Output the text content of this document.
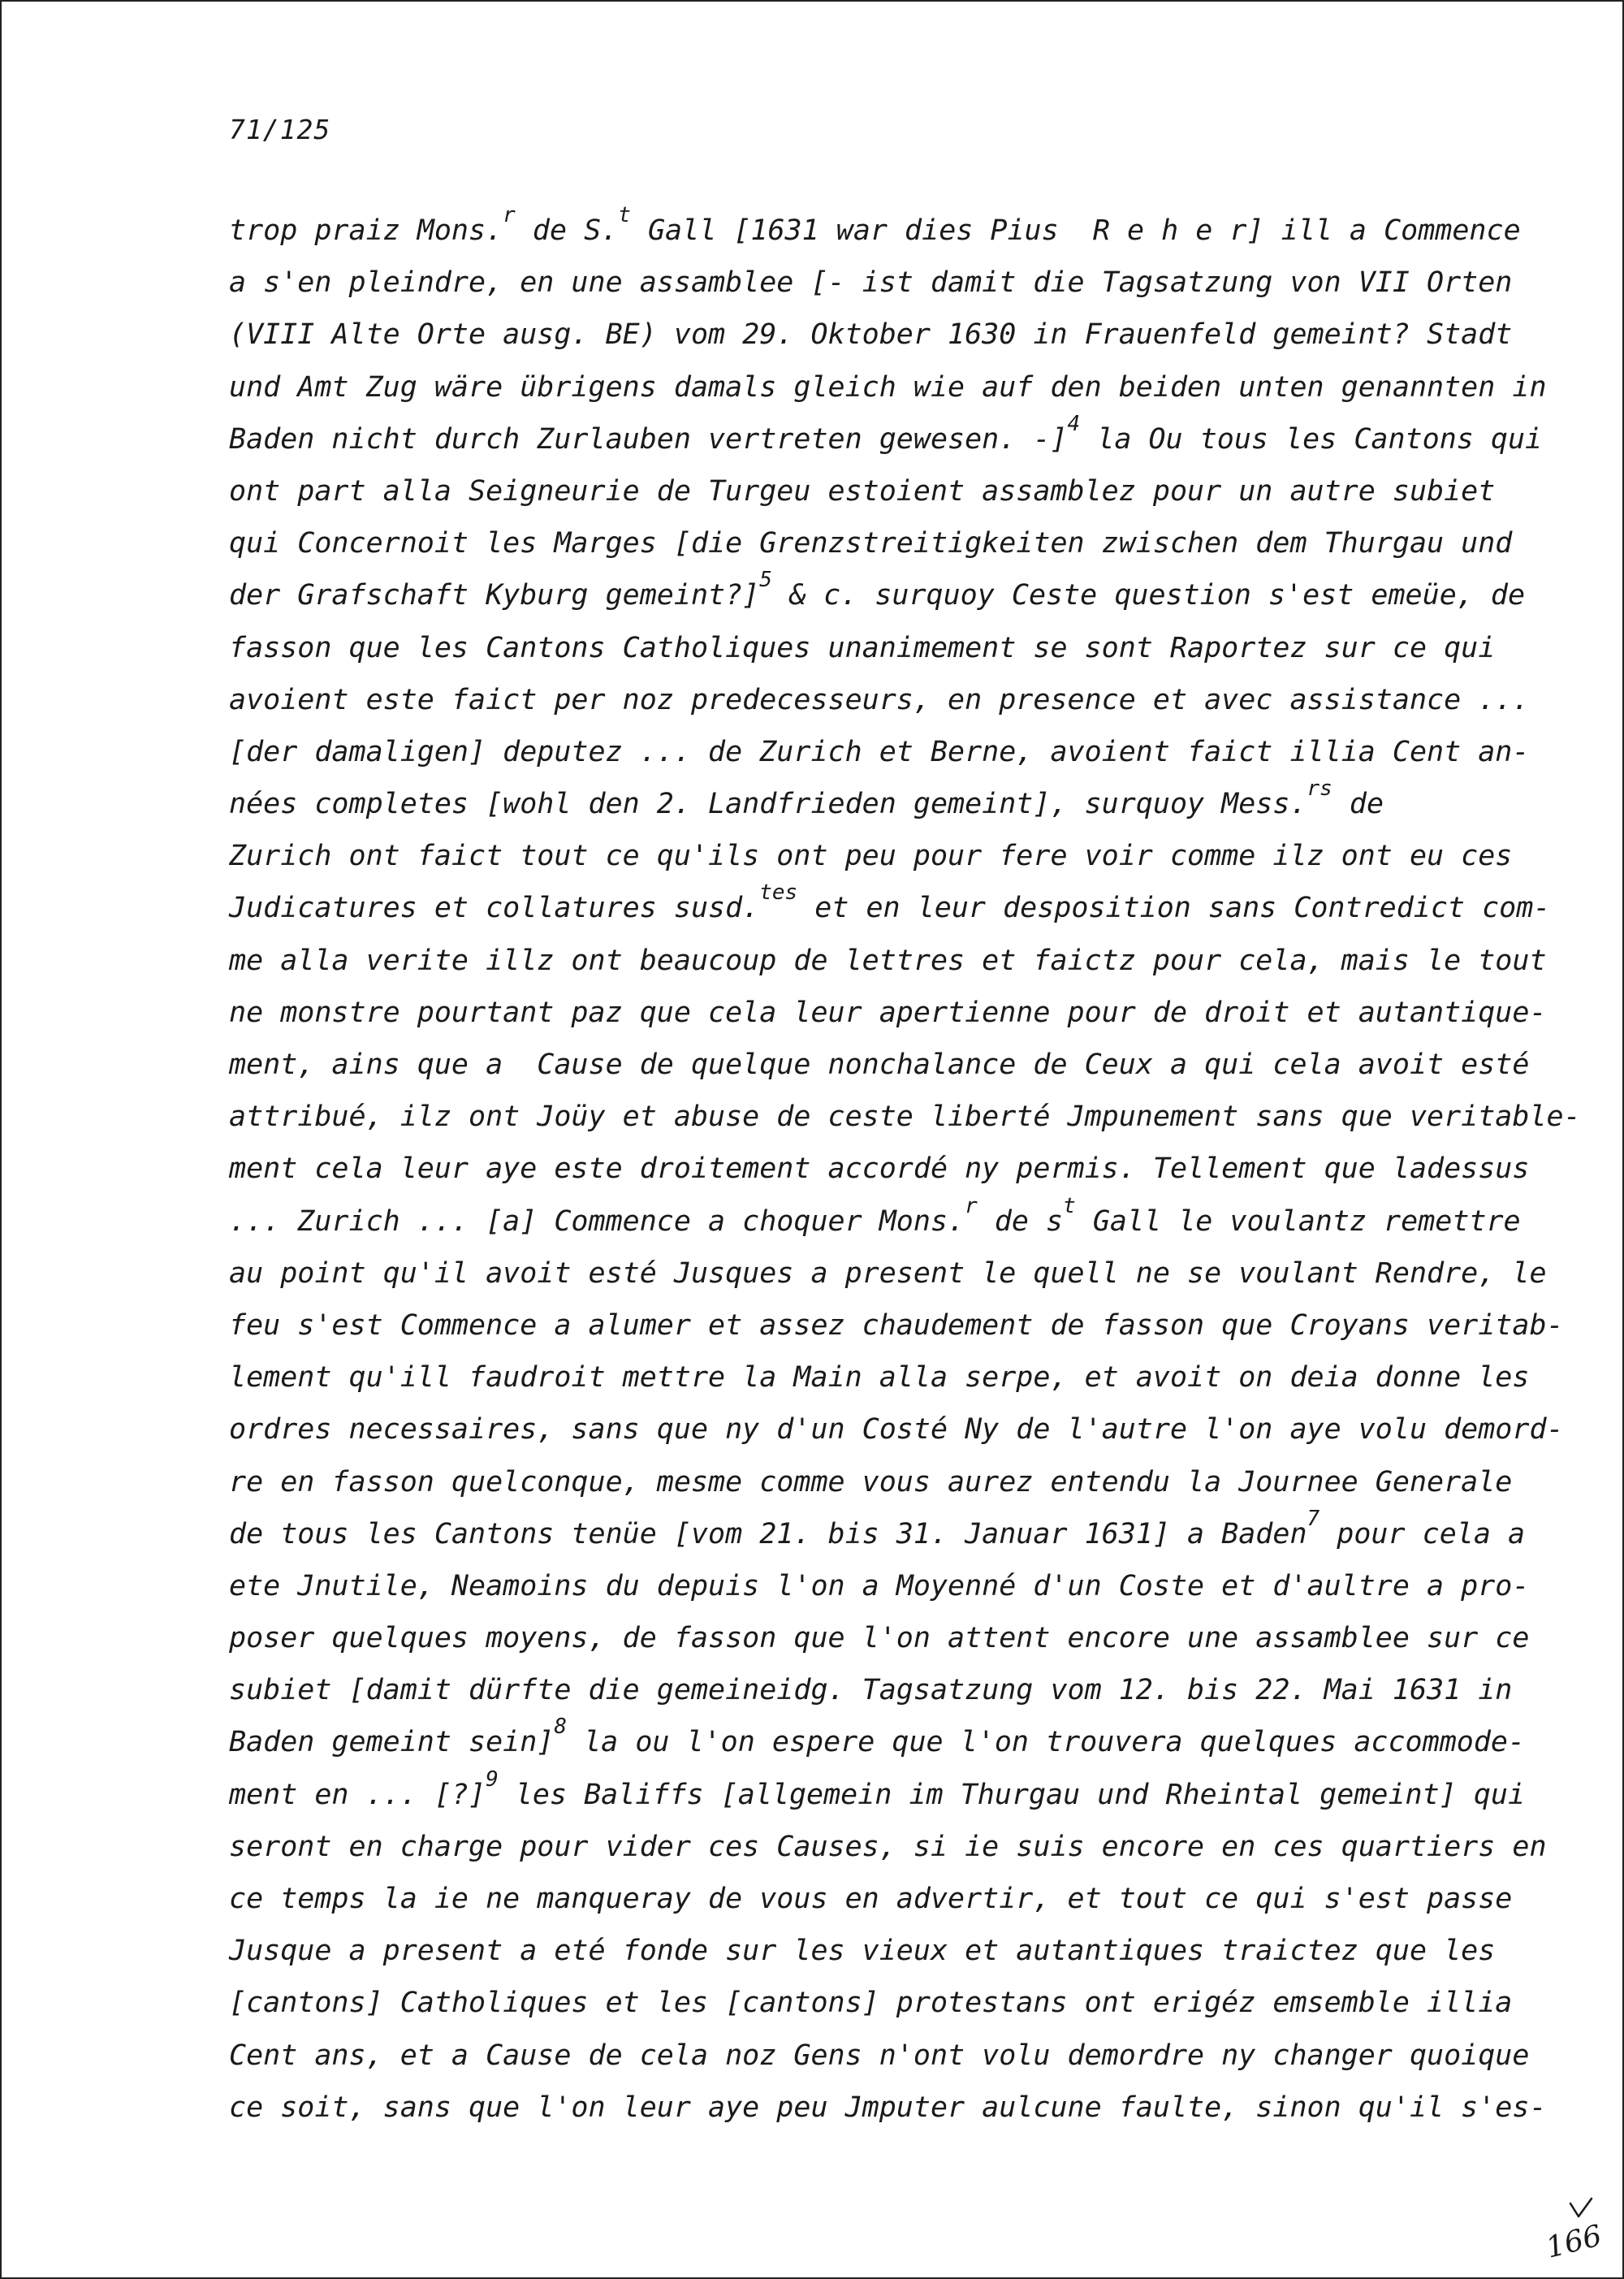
71/125
trop praiz Mons.$^r$ de S.$^t$ Gall [1631 war dies Pius  R e h e r] ill a Commence
a s'en pleindre, en une assamblee [- ist damit die Tagsatzung von VII Orten
(VIII Alte Orte ausg. BE) vom 29. Oktober 1630 in Frauenfeld gemeint? Stadt
und Amt Zug wäre übrigens damals gleich wie auf den beiden unten genannten in
Baden nicht durch Zurlauben vertreten gewesen. -]$^4$ la Ou tous les Cantons qui
ont part alla Seigneurie de Turgeu estoient assamblez pour un autre subiet
qui Concernoit les Marges [die Grenzstreitigkeiten zwischen dem Thurgau und
der Grafschaft Kyburg gemeint?]$^5$ & c. surquoy Ceste question s'est emeüe, de
fasson que les Cantons Catholiques unanimement se sont Raportez sur ce qui
avoient este faict per noz predecesseurs, en presence et avec assistance ...
[der damaligen] deputez ... de Zurich et Berne, avoient faict illia Cent an-
nées completes [wohl den 2. Landfrieden gemeint], surquoy Mess.$^{rs}$ de
Zurich ont faict tout ce qu'ils ont peu pour fere voir comme ilz ont eu ces
Judicatures et collatures susd.$^{tes}$ et en leur desposition sans Contredict com-
me alla verite illz ont beaucoup de lettres et faictz pour cela, mais le tout
ne monstre pourtant paz que cela leur apertienne pour de droit et autantique-
ment, ains que a  Cause de quelque nonchalance de Ceux a qui cela avoit esté
attribué, ilz ont Joüy et abuse de ceste liberté Jmpunement sans que veritable-
ment cela leur aye este droitement accordé ny permis. Tellement que ladessus
... Zurich ... [a] Commence a choquer Mons.$^r$ de $s^t$ Gall le voulantz remettre
au point qu'il avoit esté Jusques a present le quell ne se voulant Rendre, le
feu s'est Commence a alumer et assez chaudement de fasson que Croyans veritab-
lement qu'ill faudroit mettre la Main alla serpe, et avoit on deia donne les
ordres necessaires, sans que ny d'un Costé Ny de l'autre l'on aye volu demord-
re en fasson quelconque, mesme comme vous aurez entendu la Journee Generale
de tous les Cantons tenüe [vom 21. bis 31. Januar 1631] a Baden$^7$ pour cela a
ete Jnutile, Neamoins du depuis l'on a Moyenné d'un Coste et d'aultre a pro-
poser quelques moyens, de fasson que l'on attent encore une assamblee sur ce
subiet [damit dürfte die gemeineidg. Tagsatzung vom 12. bis 22. Mai 1631 in
Baden gemeint sein]$^8$ la ou l'on espere que l'on trouvera quelques accommode-
ment en ... [?]$^9$ les Baliffs [allgemein im Thurgau und Rheintal gemeint] qui
seront en charge pour vider ces Causes, si ie suis encore en ces quartiers en
ce temps la ie ne manqueray de vous en advertir, et tout ce qui s'est passe
Jusque a present a eté fonde sur les vieux et autantiques traictez que les
[cantons] Catholiques et les [cantons] protestans ont erigéz emsemble illia
Cent ans, et a Cause de cela noz Gens n'ont volu demordre ny changer quoique
ce soit, sans que l'on leur aye peu Jmputer aulcune faulte, sinon qu'il s'es-
166
